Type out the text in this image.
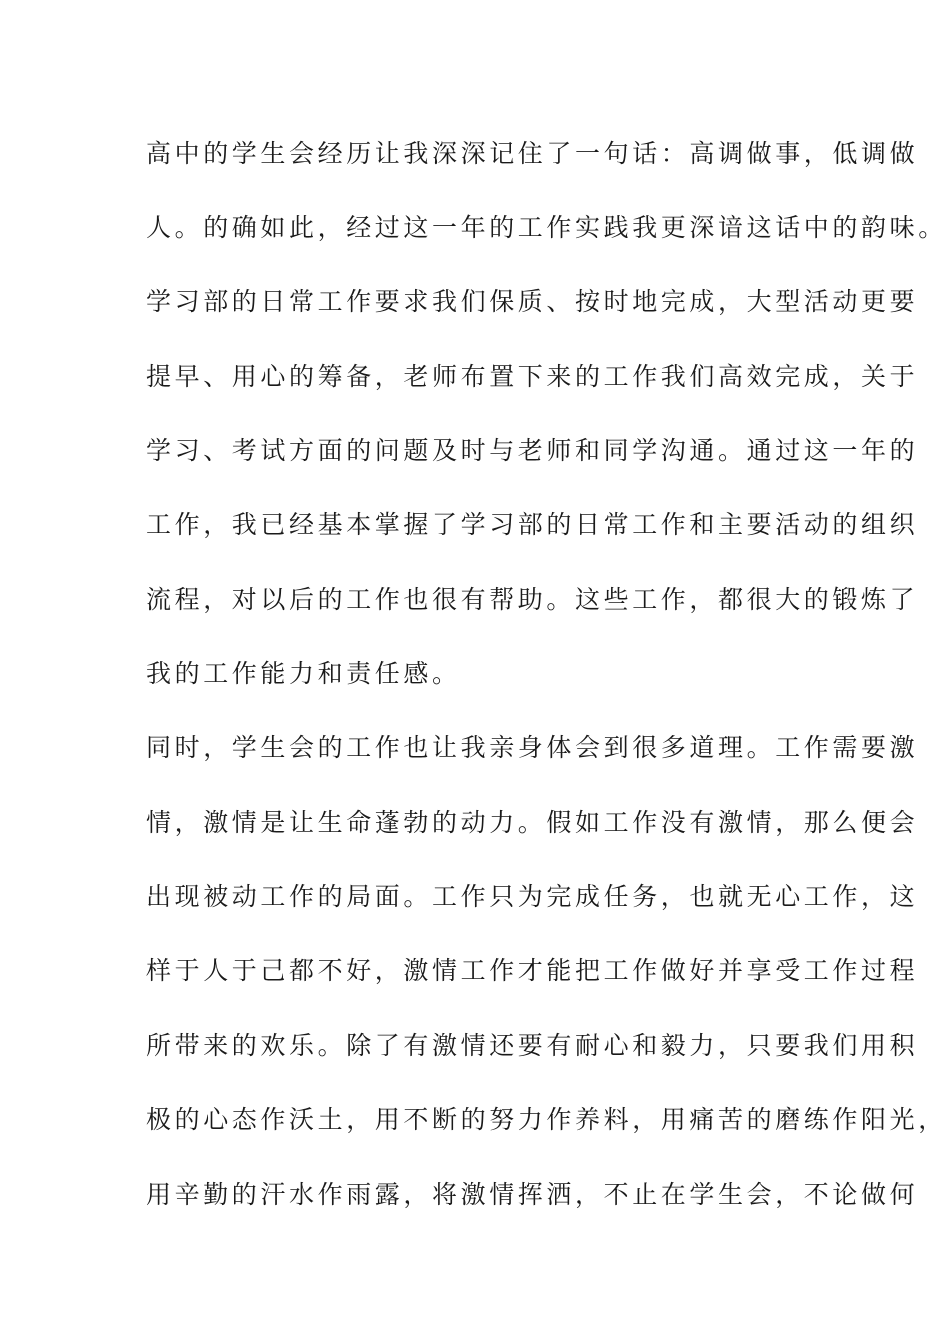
高中的学生会经历让我深深记住了一句话：高调做事，低调做
人。的确如此，经过这一年的工作实践我更深谙这话中的韵味。
学习部的日常工作要求我们保质、按时地完成，大型活动更要
提早、用心的筹备，老师布置下来的工作我们高效完成，关于
学习、考试方面的问题及时与老师和同学沟通。通过这一年的
工作，我已经基本掌握了学习部的日常工作和主要活动的组织
流程，对以后的工作也很有帮助。这些工作，都很大的锻炼了
我的工作能力和责任感。
同时，学生会的工作也让我亲身体会到很多道理。工作需要激
情，激情是让生命蓬勃的动力。假如工作没有激情，那么便会
出现被动工作的局面。工作只为完成任务，也就无心工作，这
样于人于己都不好，激情工作才能把工作做好并享受工作过程
所带来的欢乐。除了有激情还要有耐心和毅力，只要我们用积
极的心态作沃土，用不断的努力作养料，用痛苦的磨练作阳光，
用辛勤的汗水作雨露，将激情挥洒，不止在学生会，不论做何
